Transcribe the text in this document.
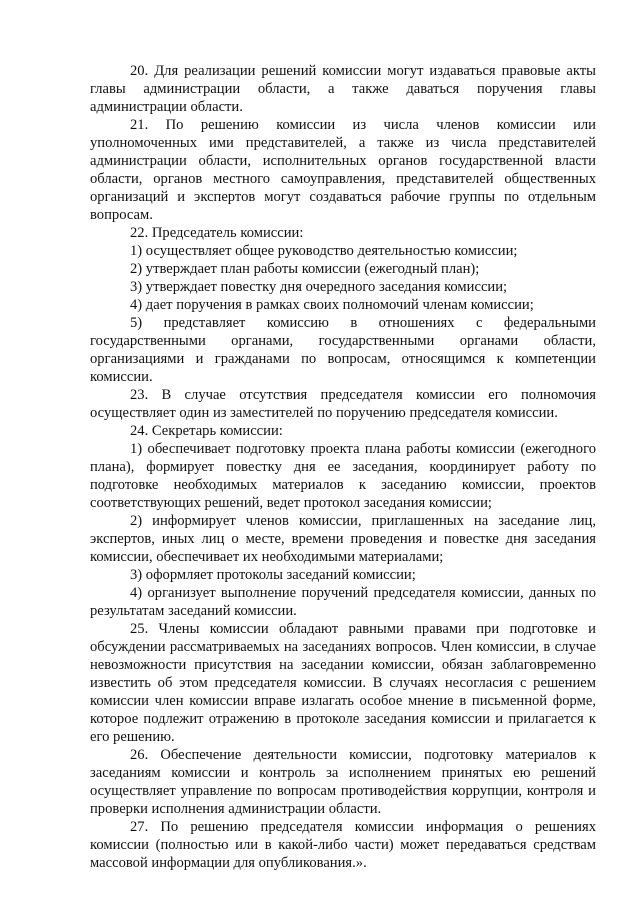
20. Для реализации решений комиссии могут издаваться правовые акты главы администрации области, а также даваться поручения главы администрации области.

21. По решению комиссии из числа членов комиссии или уполномоченных ими представителей, а также из числа представителей администрации области, исполнительных органов государственной власти области, органов местного самоуправления, представителей общественных организаций и экспертов могут создаваться рабочие группы по отдельным вопросам.

22. Председатель комиссии:

1) осуществляет общее руководство деятельностью комиссии;

2) утверждает план работы комиссии (ежегодный план);

3) утверждает повестку дня очередного заседания комиссии;

4) дает поручения в рамках своих полномочий членам комиссии;

5) представляет комиссию в отношениях с федеральными государственными органами, государственными органами области, организациями и гражданами по вопросам, относящимся к компетенции комиссии.

23. В случае отсутствия председателя комиссии его полномочия осуществляет один из заместителей по поручению председателя комиссии.

24. Секретарь комиссии:

1) обеспечивает подготовку проекта плана работы комиссии (ежегодного плана), формирует повестку дня ее заседания, координирует работу по подготовке необходимых материалов к заседанию комиссии, проектов соответствующих решений, ведет протокол заседания комиссии;

2) информирует членов комиссии, приглашенных на заседание лиц, экспертов, иных лиц о месте, времени проведения и повестке дня заседания комиссии, обеспечивает их необходимыми материалами;

3) оформляет протоколы заседаний комиссии;

4) организует выполнение поручений председателя комиссии, данных по результатам заседаний комиссии.

25. Члены комиссии обладают равными правами при подготовке и обсуждении рассматриваемых на заседаниях вопросов. Член комиссии, в случае невозможности присутствия на заседании комиссии, обязан заблаговременно известить об этом председателя комиссии. В случаях несогласия с решением комиссии член комиссии вправе излагать особое мнение в письменной форме, которое подлежит отражению в протоколе заседания комиссии и прилагается к его решению.

26. Обеспечение деятельности комиссии, подготовку материалов к заседаниям комиссии и контроль за исполнением принятых ею решений осуществляет управление по вопросам противодействия коррупции, контроля и проверки исполнения администрации области.

27. По решению председателя комиссии информация о решениях комиссии (полностью или в какой-либо части) может передаваться средствам массовой информации для опубликования.».
